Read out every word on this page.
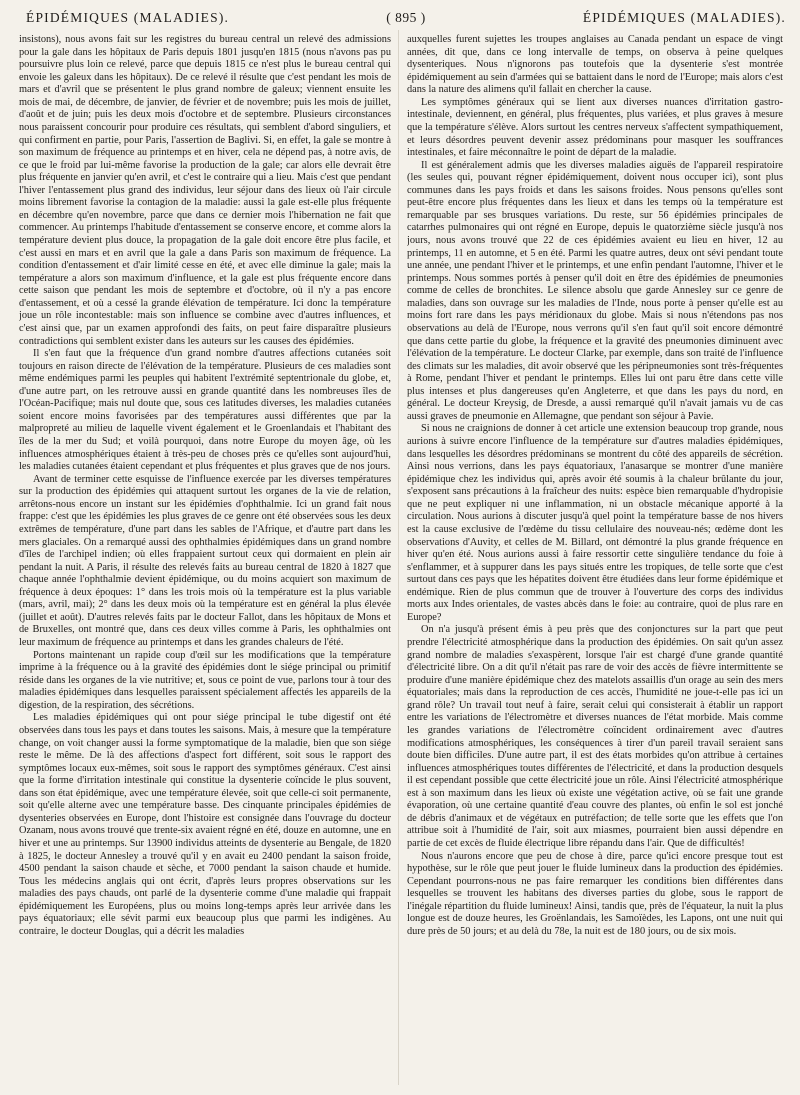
ÉPIDÉMIQUES (MALADIES).	( 895 )	ÉPIDÉMIQUES (MALADIES).

insistons), nous avons fait sur les registres du bureau central un relevé des admissions pour la gale dans les hôpitaux de Paris depuis 1801 jusqu'en 1815 (nous n'avons pas pu poursuivre plus loin ce relevé, parce que depuis 1815 ce n'est plus le bureau central qui envoie les galeux dans les hôpitaux). De ce relevé il résulte que c'est pendant les mois de mars et d'avril que se présentent le plus grand nombre de galeux; viennent ensuite les mois de mai, de décembre, de janvier, de février et de novembre; puis les mois de juillet, d'août et de juin; puis les deux mois d'octobre et de septembre. Plusieurs circonstances nous paraissent concourir pour produire ces résultats, qui semblent d'abord singuliers, et qui confirment en partie, pour Paris, l'assertion de Baglivi. Si, en effet, la gale se montre à son maximum de fréquence au printemps et en hiver, cela ne dépend pas, à notre avis, de ce que le froid par lui-même favorise la production de la gale; car alors elle devrait être plus fréquente en janvier qu'en avril, et c'est le contraire qui a lieu. Mais c'est que pendant l'hiver l'entassement plus grand des individus, leur séjour dans des lieux où l'air circule moins librement favorise la contagion de la maladie: aussi la gale est-elle plus fréquente en décembre qu'en novembre, parce que dans ce dernier mois l'hibernation ne fait que commencer. Au printemps l'habitude d'entassement se conserve encore, et comme alors la température devient plus douce, la propagation de la gale doit encore être plus facile, et c'est aussi en mars et en avril que la gale a dans Paris son maximum de fréquence. La condition d'entassement et d'air limité cesse en été, et avec elle diminue la gale; mais la température a alors son maximum d'influence, et la gale est plus fréquente encore dans cette saison que pendant les mois de septembre et d'octobre, où il n'y a pas encore d'entassement, et où a cessé la grande élévation de température. Ici donc la température joue un rôle incontestable: mais son influence se combine avec d'autres influences, et c'est ainsi que, par un examen approfondi des faits, on peut faire disparaître plusieurs contradictions qui semblent exister dans les auteurs sur les causes des épidémies.

Il s'en faut que la fréquence d'un grand nombre d'autres affections cutanées soit toujours en raison directe de l'élévation de la température. Plusieurs de ces maladies sont même endémiques parmi les peuples qui habitent l'extrémité septentrionale du globe, et, d'une autre part, on les retrouve aussi en grande quantité dans les nombreuses îles de l'Océan-Pacifique; mais nul doute que, sous ces latitudes diverses, les maladies cutanées soient encore moins favorisées par des températures aussi différentes que par la malpropreté au milieu de laquelle vivent également et le Groenlandais et l'habitant des îles de la mer du Sud; et voilà pourquoi, dans notre Europe du moyen âge, où les influences atmosphériques étaient à très-peu de choses près ce qu'elles sont aujourd'hui, les maladies cutanées étaient cependant et plus fréquentes et plus graves que de nos jours.

Avant de terminer cette esquisse de l'influence exercée par les diverses températures sur la production des épidémies qui attaquent surtout les organes de la vie de relation, arrêtons-nous encore un instant sur les épidémies d'ophthalmie. Ici un grand fait nous frappe: c'est que les épidémies les plus graves de ce genre ont été observées sous les deux extrêmes de température, d'une part dans les sables de l'Afrique, et d'autre part dans les mers glaciales. On a remarqué aussi des ophthalmies épidémiques dans un grand nombre d'îles de l'archipel indien; où elles frappaient surtout ceux qui dormaient en plein air pendant la nuit. A Paris, il résulte des relevés faits au bureau central de 1820 à 1827 que chaque année l'ophthalmie devient épidémique, ou du moins acquiert son maximum de fréquence à deux époques: 1° dans les trois mois où la température est la plus variable (mars, avril, mai); 2° dans les deux mois où la température est en général la plus élevée (juillet et août). D'autres relevés faits par le docteur Fallot, dans les hôpitaux de Mons et de Bruxelles, ont montré que, dans ces deux villes comme à Paris, les ophthalmies ont leur maximum de fréquence au printemps et dans les grandes chaleurs de l'été.

Portons maintenant un rapide coup d'œil sur les modifications que la température imprime à la fréquence ou à la gravité des épidémies dont le siége principal ou primitif réside dans les organes de la vie nutritive; et, sous ce point de vue, parlons tour à tour des maladies épidémiques dans lesquelles paraissent spécialement affectés les appareils de la digestion, de la respiration, des sécrétions.

Les maladies épidémiques qui ont pour siége principal le tube digestif ont été observées dans tous les pays et dans toutes les saisons. Mais, à mesure que la température change, on voit changer aussi la forme symptomatique de la maladie, bien que son siége reste le même. De là des affections d'aspect fort différent, soit sous le rapport des symptômes locaux eux-mêmes, soit sous le rapport des symptômes généraux. C'est ainsi que la forme d'irritation intestinale qui constitue la dysenterie coïncide le plus souvent, dans son état épidémique, avec une température élevée, soit que celle-ci soit permanente, soit qu'elle alterne avec une température basse. Des cinquante principales épidémies de dysenteries observées en Europe, dont l'histoire est consignée dans l'ouvrage du docteur Ozanam, nous avons trouvé que trente-six avaient régné en été, douze en automne, une en hiver et une au printemps. Sur 13900 individus atteints de dysenterie au Bengale, de 1820 à 1825, le docteur Annesley a trouvé qu'il y en avait eu 2400 pendant la saison froide, 4500 pendant la saison chaude et sèche, et 7000 pendant la saison chaude et humide. Tous les médecins anglais qui ont écrit, d'après leurs propres observations sur les maladies des pays chauds, ont parlé de la dysenterie comme d'une maladie qui frappait épidémiquement les Européens, plus ou moins long-temps après leur arrivée dans les pays équatoriaux; elle sévit parmi eux beaucoup plus que parmi les indigènes. Au contraire, le docteur Douglas, qui a décrit les maladies

auxquelles furent sujettes les troupes anglaises au Canada pendant un espace de vingt années, dit que, dans ce long intervalle de temps, on observa à peine quelques dysenteriques. Nous n'ignorons pas toutefois que la dysenterie s'est montrée épidémiquement au sein d'armées qui se battaient dans le nord de l'Europe; mais alors c'est dans la nature des alimens qu'il fallait en chercher la cause.

Les symptômes généraux qui se lient aux diverses nuances d'irritation gastro-intestinale, deviennent, en général, plus fréquentes, plus variées, et plus graves à mesure que la température s'élève. Alors surtout les centres nerveux s'affectent sympathiquement, et leurs désordres peuvent devenir assez prédominans pour masquer les souffrances intestinales, et faire méconnaître le point de départ de la maladie.

Il est généralement admis que les diverses maladies aiguës de l'appareil respiratoire (les seules qui, pouvant régner épidémiquement, doivent nous occuper ici), sont plus communes dans les pays froids et dans les saisons froides. Nous pensons qu'elles sont peut-être encore plus fréquentes dans les lieux et dans les temps où la température est remarquable par ses brusques variations. Du reste, sur 56 épidémies principales de catarrhes pulmonaires qui ont régné en Europe, depuis le quatorzième siècle jusqu'à nos jours, nous avons trouvé que 22 de ces épidémies avaient eu lieu en hiver, 12 au printemps, 11 en automne, et 5 en été. Parmi les quatre autres, deux ont sévi pendant toute une année, une pendant l'hiver et le printemps, et une enfin pendant l'automne, l'hiver et le printemps. Nous sommes portés à penser qu'il doit en être des épidémies de pneumonies comme de celles de bronchites. Le silence absolu que garde Annesley sur ce genre de maladies, dans son ouvrage sur les maladies de l'Inde, nous porte à penser qu'elle est au moins fort rare dans les pays méridionaux du globe. Mais si nous n'étendons pas nos observations au delà de l'Europe, nous verrons qu'il s'en faut qu'il soit encore démontré que dans cette partie du globe, la fréquence et la gravité des pneumonies diminuent avec l'élévation de la température. Le docteur Clarke, par exemple, dans son traité de l'influence des climats sur les maladies, dit avoir observé que les péripneumonies sont très-fréquentes à Rome, pendant l'hiver et pendant le printemps. Elles lui ont paru être dans cette ville plus intenses et plus dangereuses qu'en Angleterre, et que dans les pays du nord, en général. Le docteur Kreysig, de Dresde, a aussi remarqué qu'il n'avait jamais vu de cas aussi graves de pneumonie en Allemagne, que pendant son séjour à Pavie.

Si nous ne craignions de donner à cet article une extension beaucoup trop grande, nous aurions à suivre encore l'influence de la température sur d'autres maladies épidémiques, dans lesquelles les désordres prédominans se montrent du côté des appareils de sécrétion. Ainsi nous verrions, dans les pays équatoriaux, l'anasarque se montrer d'une manière épidémique chez les individus qui, après avoir été soumis à la chaleur brûlante du jour, s'exposent sans précautions à la fraîcheur des nuits: espèce bien remarquable d'hydropisie que ne peut expliquer ni une inflammation, ni un obstacle mécanique apporté à la circulation. Nous aurions à discuter jusqu'à quel point la température basse de nos hivers est la cause exclusive de l'œdème du tissu cellulaire des nouveau-nés; œdème dont les observations d'Auvity, et celles de M. Billard, ont démontré la plus grande fréquence en hiver qu'en été. Nous aurions aussi à faire ressortir cette singulière tendance du foie à s'enflammer, et à suppurer dans les pays situés entre les tropiques, de telle sorte que c'est surtout dans ces pays que les hépatites doivent être étudiées dans leur forme épidémique et endémique. Rien de plus commun que de trouver à l'ouverture des corps des individus morts aux Indes orientales, de vastes abcès dans le foie: au contraire, quoi de plus rare en Europe?

On n'a jusqu'à présent émis à peu près que des conjonctures sur la part que peut prendre l'électricité atmosphérique dans la production des épidémies. On sait qu'un assez grand nombre de maladies s'exaspèrent, lorsque l'air est chargé d'une grande quantité d'électricité libre. On a dit qu'il n'était pas rare de voir des accès de fièvre intermittente se produire d'une manière épidémique chez des matelots assaillis d'un orage au sein des mers équatoriales; mais dans la reproduction de ces accès, l'humidité ne joue-t-elle pas ici un grand rôle? Un travail tout neuf à faire, serait celui qui consisterait à établir un rapport entre les variations de l'électromètre et diverses nuances de l'état morbide. Mais comme les grandes variations de l'électromètre coïncident ordinairement avec d'autres modifications atmosphériques, les conséquences à tirer d'un pareil travail seraient sans doute bien difficiles. D'une autre part, il est des états morbides qu'on attribue à certaines influences atmosphériques toutes différentes de l'électricité, et dans la production desquels il est cependant possible que cette électricité joue un rôle. Ainsi l'électricité atmosphérique est à son maximum dans les lieux où existe une végétation active, où se fait une grande évaporation, où une certaine quantité d'eau couvre des plantes, où enfin le sol est jonché de débris d'animaux et de végétaux en putréfaction; de telle sorte que les effets que l'on attribue soit à l'humidité de l'air, soit aux miasmes, pourraient bien aussi dépendre en partie de cet excès de fluide électrique libre répandu dans l'air. Que de difficultés!

Nous n'aurons encore que peu de chose à dire, parce qu'ici encore presque tout est hypothèse, sur le rôle que peut jouer le fluide lumineux dans la production des épidémies. Cependant pourrons-nous ne pas faire remarquer les conditions bien différentes dans lesquelles se trouvent les habitans des diverses parties du globe, sous le rapport de l'inégale répartition du fluide lumineux! Ainsi, tandis que, près de l'équateur, la nuit la plus longue est de douze heures, les Groënlandais, les Samoïèdes, les Lapons, ont une nuit qui dure près de 50 jours; et au delà du 78e, la nuit est de 180 jours, ou de six mois.
